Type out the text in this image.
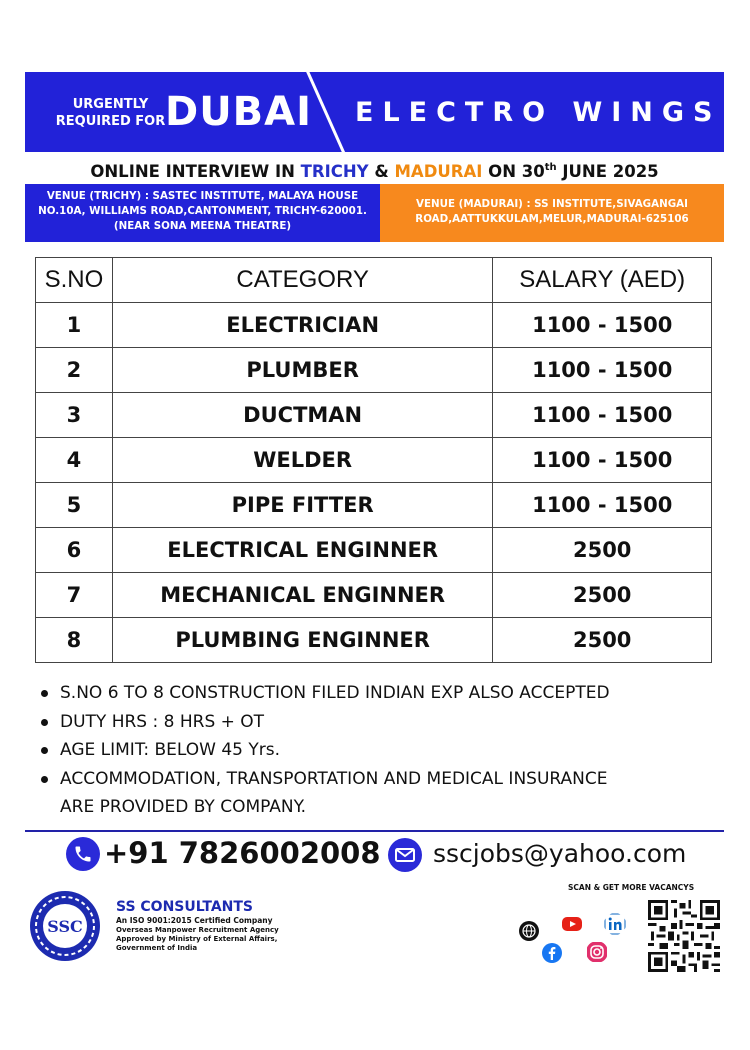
URGENTLY
REQUIRED FOR DUBAI ELECTRO WINGS
ONLINE INTERVIEW IN TRICHY & MADURAI ON 30th JUNE 2025
VENUE (TRICHY) : SASTEC INSTITUTE, MALAYA HOUSE
NO.10A, WILLIAMS ROAD,CANTONMENT, TRICHY-620001.
(NEAR SONA MEENA THEATRE)
VENUE (MADURAI) : SS INSTITUTE,SIVAGANGAI
ROAD,AATTUKKULAM,MELUR,MADURAI-625106
S.NO	CATEGORY	SALARY (AED)
1	ELECTRICIAN	1100 - 1500
2	PLUMBER	1100 - 1500
3	DUCTMAN	1100 - 1500
4	WELDER	1100 - 1500
5	PIPE FITTER	1100 - 1500
6	ELECTRICAL ENGINNER	2500
7	MECHANICAL ENGINNER	2500
8	PLUMBING ENGINNER	2500
S.NO 6 TO 8 CONSTRUCTION FILED INDIAN EXP ALSO ACCEPTED
DUTY HRS : 8 HRS + OT
AGE LIMIT: BELOW 45 Yrs.
ACCOMMODATION, TRANSPORTATION AND MEDICAL INSURANCE ARE PROVIDED BY COMPANY.
+91 7826002008 sscjobs@yahoo.com
SSC
SS CONSULTANTS
An ISO 9001:2015 Certified Company
Overseas Manpower Recruitment Agency
Approved by Ministry of External Affairs,
Government of India
SCAN & GET MORE VACANCYS
